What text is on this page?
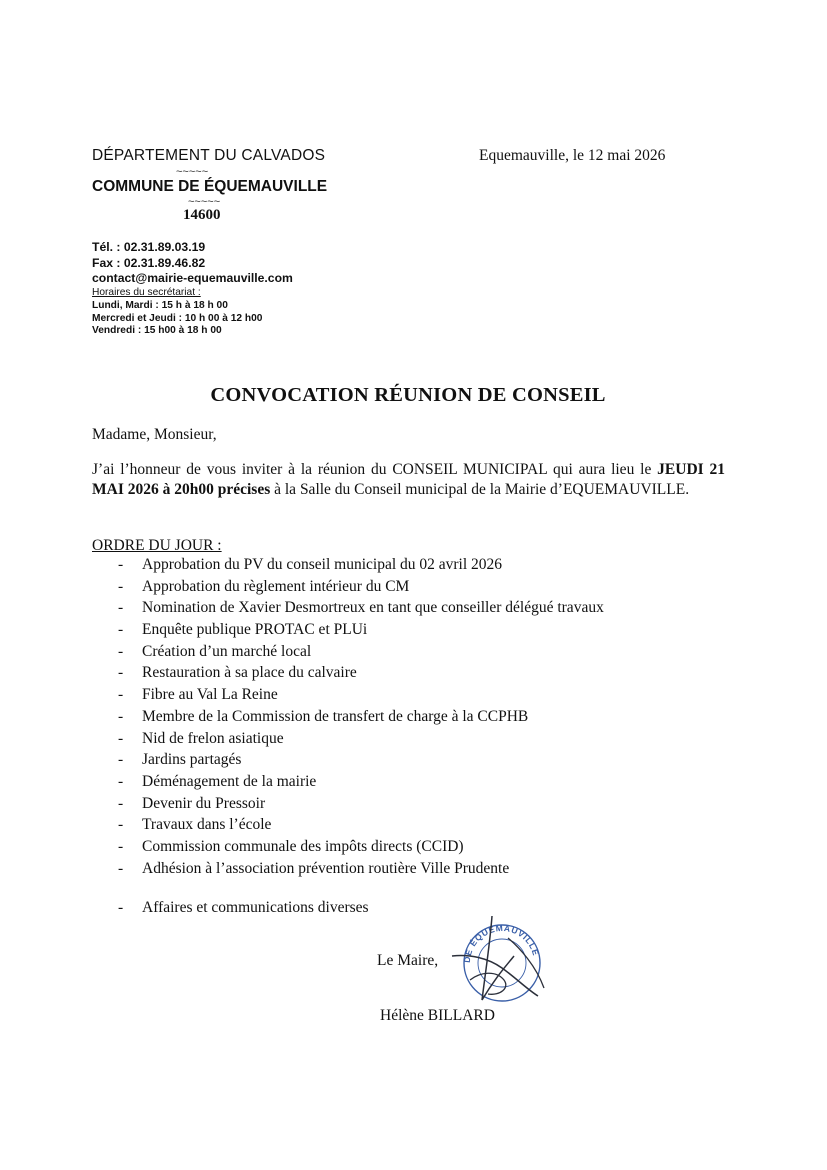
DÉPARTEMENT DU CALVADOS	Equemauville, le 12 mai 2026
~~~~~
COMMUNE DE ÉQUEMAUVILLE
~~~~~
14600
Tél. : 02.31.89.03.19
Fax : 02.31.89.46.82
contact@mairie-equemauville.com
Horaires du secrétariat :
Lundi, Mardi : 15 h à 18 h 00
Mercredi et Jeudi : 10 h 00 à 12 h00
Vendredi : 15 h00 à 18 h 00
CONVOCATION RÉUNION DE CONSEIL
Madame, Monsieur,
J’ai l’honneur de vous inviter à la réunion du CONSEIL MUNICIPAL qui aura lieu le JEUDI 21 MAI 2026 à 20h00 précises à la Salle du Conseil municipal de la Mairie d’EQUEMAUVILLE.
ORDRE DU JOUR :
- Approbation du PV du conseil municipal du 02 avril 2026
- Approbation du règlement intérieur du CM
- Nomination de Xavier Desmortreux en tant que conseiller délégué travaux
- Enquête publique PROTAC et PLUi
- Création d’un marché local
- Restauration à sa place du calvaire
- Fibre au Val La Reine
- Membre de la Commission de transfert de charge à la CCPHB
- Nid de frelon asiatique
- Jardins partagés
- Déménagement de la mairie
- Devenir du Pressoir
- Travaux dans l’école
- Commission communale des impôts directs (CCID)
- Adhésion à l’association prévention routière Ville Prudente
- Affaires et communications diverses
Le Maire,	DE ÉQUEMAUVILLE
Hélène BILLARD
